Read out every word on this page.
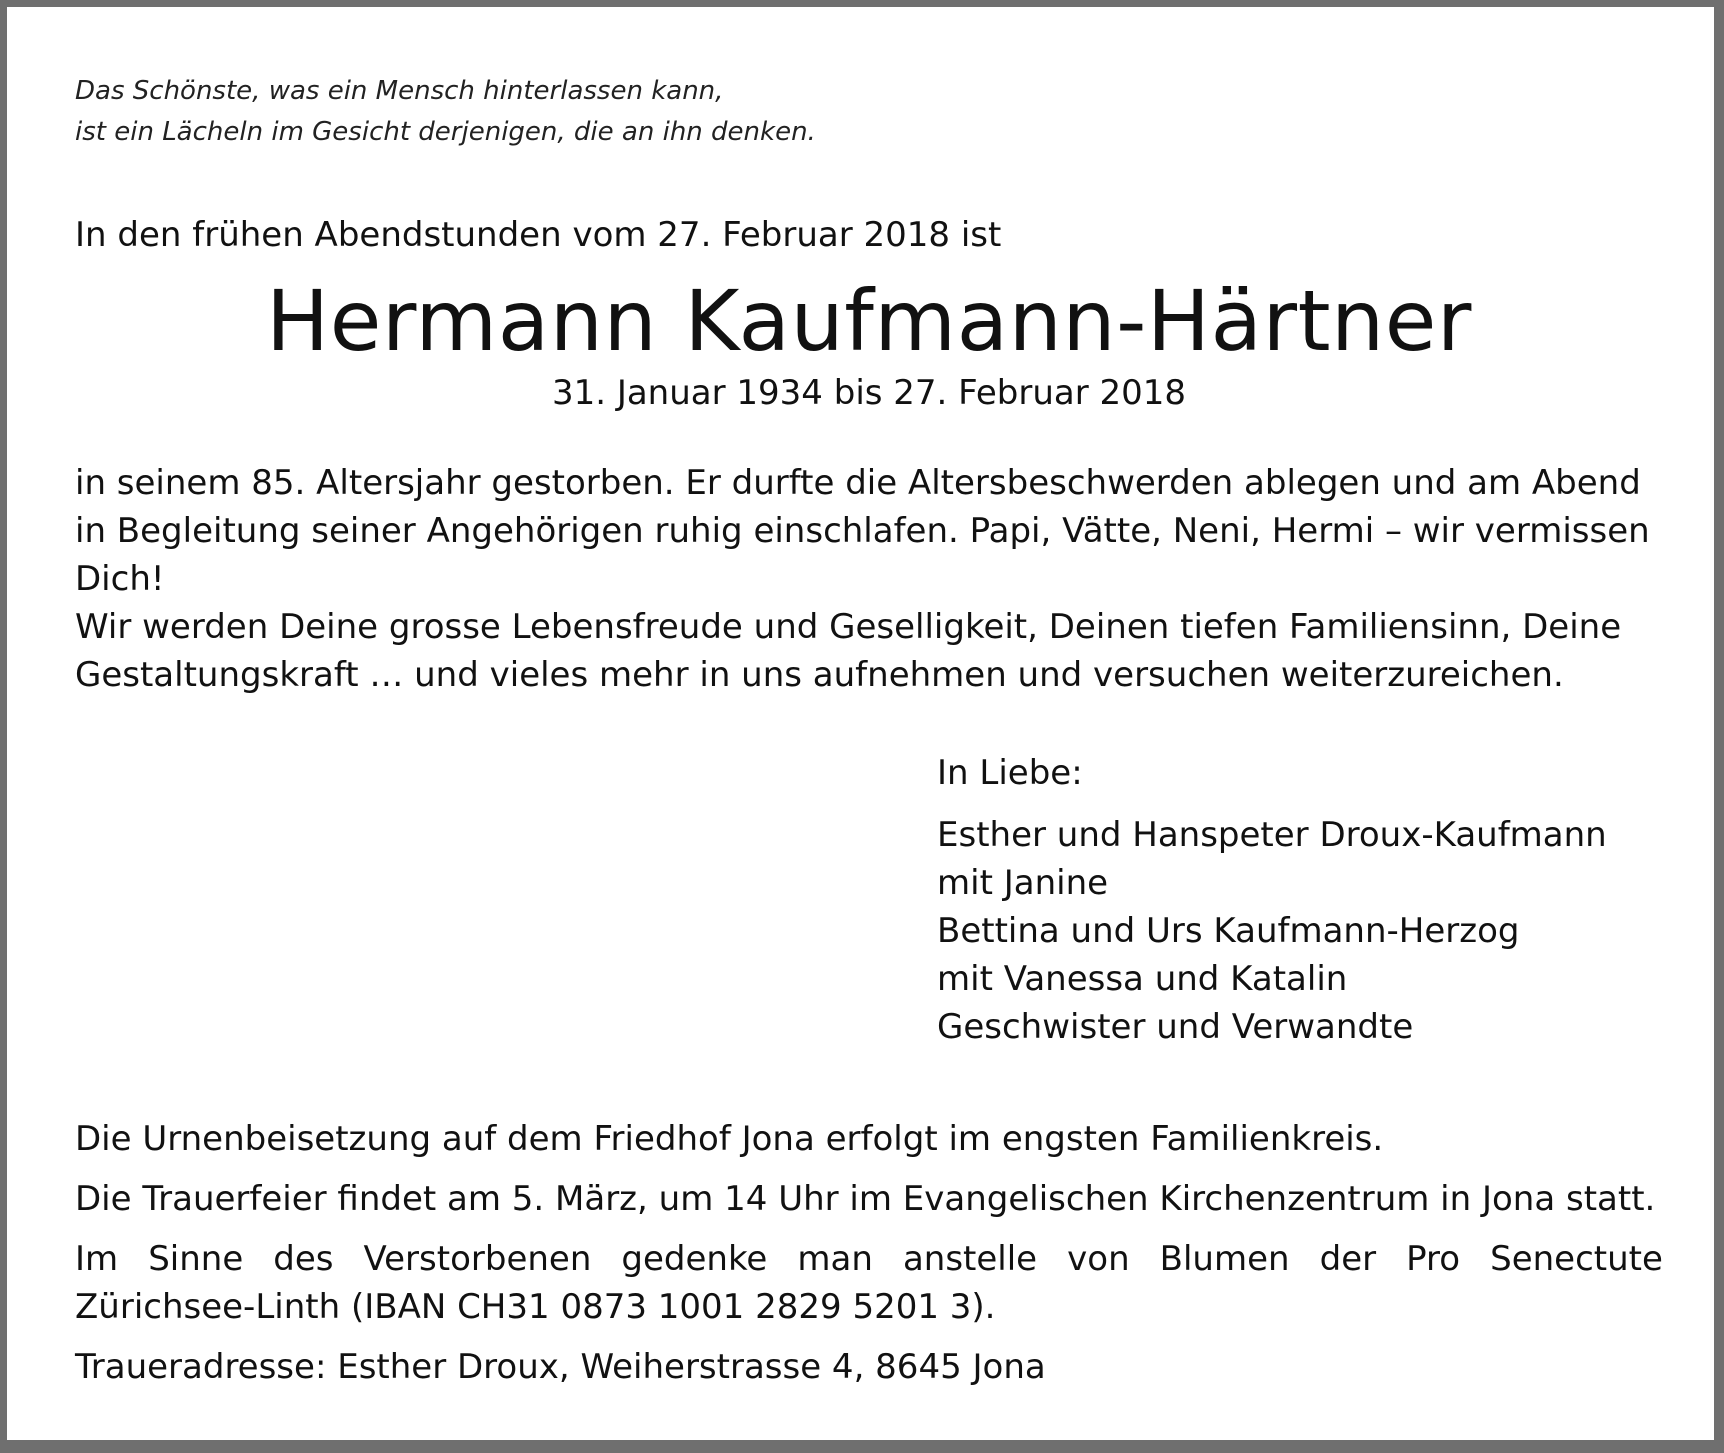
Das Schönste, was ein Mensch hinterlassen kann,
ist ein Lächeln im Gesicht derjenigen, die an ihn denken.
In den frühen Abendstunden vom 27. Februar 2018 ist
Hermann Kaufmann-Härtner
31. Januar 1934 bis 27. Februar 2018
in seinem 85. Altersjahr gestorben. Er durfte die Altersbeschwerden ablegen und am Abend
in Begleitung seiner Angehörigen ruhig einschlafen. Papi, Vätte, Neni, Hermi – wir vermissen
Dich!
Wir werden Deine grosse Lebensfreude und Geselligkeit, Deinen tiefen Familiensinn, Deine
Gestaltungskraft … und vieles mehr in uns aufnehmen und versuchen weiterzureichen.
In Liebe:
Esther und Hanspeter Droux-Kaufmann
mit Janine
Bettina und Urs Kaufmann-Herzog
mit Vanessa und Katalin
Geschwister und Verwandte

Die Urnenbeisetzung auf dem Friedhof Jona erfolgt im engsten Familienkreis.

Die Trauerfeier findet am 5. März, um 14 Uhr im Evangelischen Kirchenzentrum in Jona statt.

Im Sinne des Verstorbenen gedenke man anstelle von Blumen der Pro Senectute
Zürichsee-Linth (IBAN CH31 0873 1001 2829 5201 3).

Traueradresse: Esther Droux, Weiherstrasse 4, 8645 Jona
